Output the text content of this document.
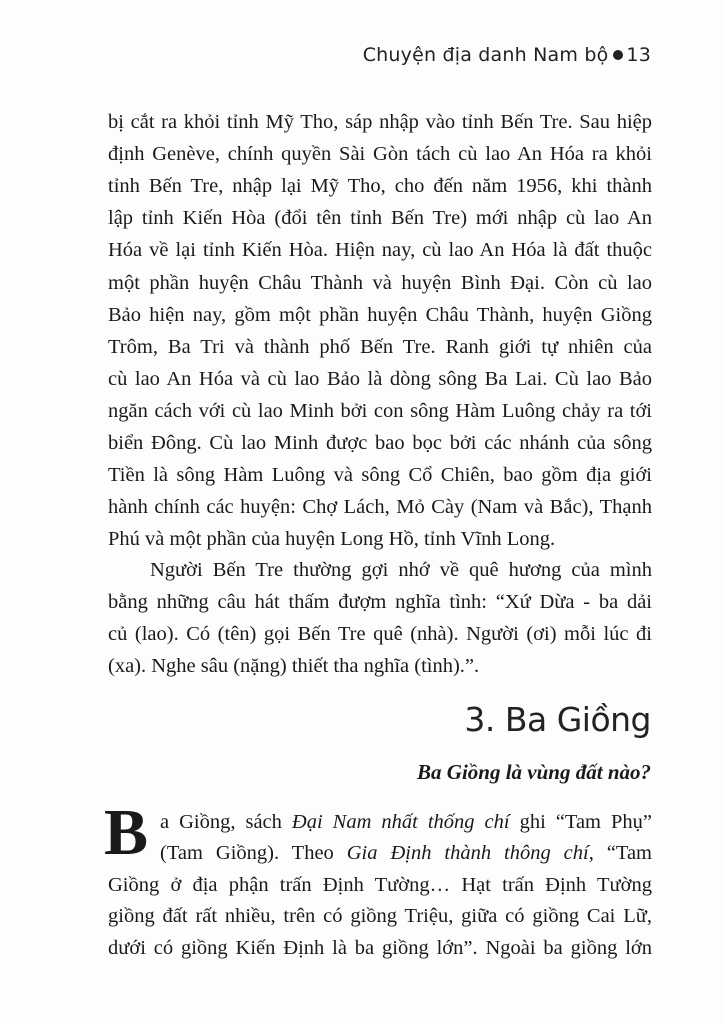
Chuyện địa danh Nam bộ 13
bị cắt ra khỏi tỉnh Mỹ Tho, sáp nhập vào tỉnh Bến Tre. Sau hiệp
định Genève, chính quyền Sài Gòn tách cù lao An Hóa ra khỏi
tỉnh Bến Tre, nhập lại Mỹ Tho, cho đến năm 1956, khi thành
lập tỉnh Kiến Hòa (đổi tên tỉnh Bến Tre) mới nhập cù lao An
Hóa về lại tỉnh Kiến Hòa. Hiện nay, cù lao An Hóa là đất thuộc
một phần huyện Châu Thành và huyện Bình Đại. Còn cù lao
Bảo hiện nay, gồm một phần huyện Châu Thành, huyện Giồng
Trôm, Ba Tri và thành phố Bến Tre. Ranh giới tự nhiên của
cù lao An Hóa và cù lao Bảo là dòng sông Ba Lai. Cù lao Bảo
ngăn cách với cù lao Minh bởi con sông Hàm Luông chảy ra tới
biển Đông. Cù lao Minh được bao bọc bởi các nhánh của sông
Tiền là sông Hàm Luông và sông Cổ Chiên, bao gồm địa giới
hành chính các huyện: Chợ Lách, Mỏ Cày (Nam và Bắc), Thạnh
Phú và một phần của huyện Long Hồ, tỉnh Vĩnh Long.
Người Bến Tre thường gợi nhớ về quê hương của mình
bằng những câu hát thấm đượm nghĩa tình: “Xứ Dừa - ba dải
củ (lao). Có (tên) gọi Bến Tre quê (nhà). Người (ơi) mỗi lúc đi
(xa). Nghe sâu (nặng) thiết tha nghĩa (tình).”.
3. Ba Giồng
Ba Giồng là vùng đất nào?
B a Giồng, sách Đại Nam nhất thống chí ghi “Tam Phụ”
(Tam Giồng). Theo Gia Định thành thông chí, “Tam
Giồng ở địa phận trấn Định Tường… Hạt trấn Định Tường
giồng đất rất nhiều, trên có giồng Triệu, giữa có giồng Cai Lữ,
dưới có giồng Kiến Định là ba giồng lớn”. Ngoài ba giồng lớn
